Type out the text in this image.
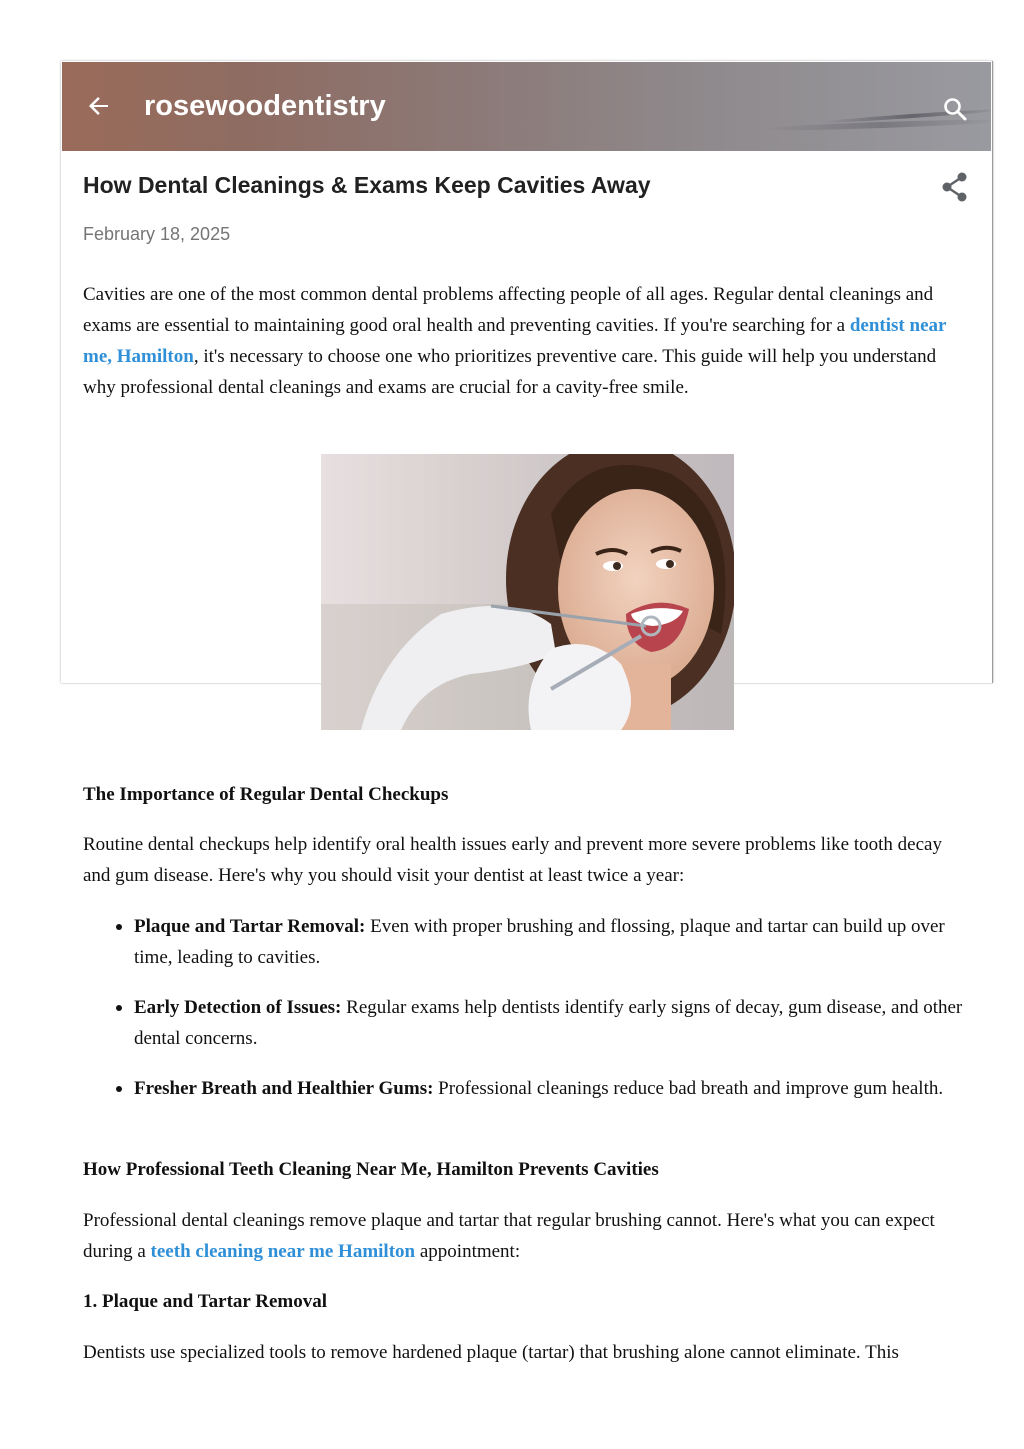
rosewoodentistry
How Dental Cleanings & Exams Keep Cavities Away
February 18, 2025

Cavities are one of the most common dental problems affecting people of all ages. Regular dental cleanings and exams are essential to maintaining good oral health and preventing cavities. If you're searching for a dentist near me, Hamilton, it's necessary to choose one who prioritizes preventive care. This guide will help you understand why professional dental cleanings and exams are crucial for a cavity-free smile.

The Importance of Regular Dental Checkups

Routine dental checkups help identify oral health issues early and prevent more severe problems like tooth decay and gum disease. Here's why you should visit your dentist at least twice a year:

Plaque and Tartar Removal: Even with proper brushing and flossing, plaque and tartar can build up over time, leading to cavities.
Early Detection of Issues: Regular exams help dentists identify early signs of decay, gum disease, and other dental concerns.
Fresher Breath and Healthier Gums: Professional cleanings reduce bad breath and improve gum health.
How Professional Teeth Cleaning Near Me, Hamilton Prevents Cavities

Professional dental cleanings remove plaque and tartar that regular brushing cannot. Here's what you can expect during a teeth cleaning near me Hamilton appointment:

1. Plaque and Tartar Removal

Dentists use specialized tools to remove hardened plaque (tartar) that brushing alone cannot eliminate. This
